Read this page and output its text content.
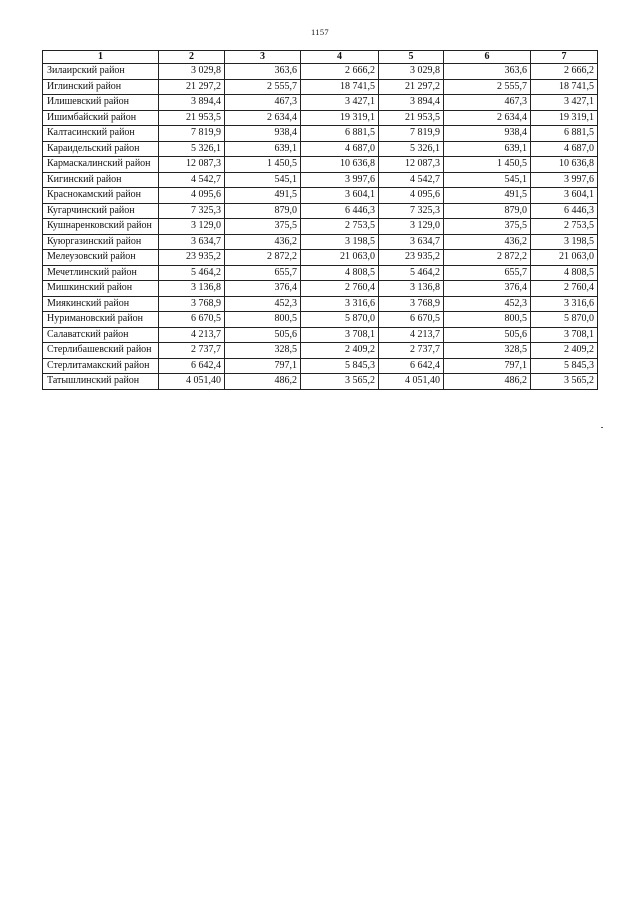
1157
1	2	3	4	5	6	7
Зилаирский район	3 029,8	363,6	2 666,2	3 029,8	363,6	2 666,2
Иглинский район	21 297,2	2 555,7	18 741,5	21 297,2	2 555,7	18 741,5
Илишевский район	3 894,4	467,3	3 427,1	3 894,4	467,3	3 427,1
Ишимбайский район	21 953,5	2 634,4	19 319,1	21 953,5	2 634,4	19 319,1
Калтасинский район	7 819,9	938,4	6 881,5	7 819,9	938,4	6 881,5
Караидельский район	5 326,1	639,1	4 687,0	5 326,1	639,1	4 687,0
Кармаскалинский район	12 087,3	1 450,5	10 636,8	12 087,3	1 450,5	10 636,8
Кигинский район	4 542,7	545,1	3 997,6	4 542,7	545,1	3 997,6
Краснокамский район	4 095,6	491,5	3 604,1	4 095,6	491,5	3 604,1
Кугарчинский район	7 325,3	879,0	6 446,3	7 325,3	879,0	6 446,3
Кушнаренковский район	3 129,0	375,5	2 753,5	3 129,0	375,5	2 753,5
Куюргазинский район	3 634,7	436,2	3 198,5	3 634,7	436,2	3 198,5
Мелеузовский район	23 935,2	2 872,2	21 063,0	23 935,2	2 872,2	21 063,0
Мечетлинский район	5 464,2	655,7	4 808,5	5 464,2	655,7	4 808,5
Мишкинский район	3 136,8	376,4	2 760,4	3 136,8	376,4	2 760,4
Миякинский район	3 768,9	452,3	3 316,6	3 768,9	452,3	3 316,6
Нуримановский район	6 670,5	800,5	5 870,0	6 670,5	800,5	5 870,0
Салаватский район	4 213,7	505,6	3 708,1	4 213,7	505,6	3 708,1
Стерлибашевский район	2 737,7	328,5	2 409,2	2 737,7	328,5	2 409,2
Стерлитамакский район	6 642,4	797,1	5 845,3	6 642,4	797,1	5 845,3
Татышлинский район	4 051,40	486,2	3 565,2	4 051,40	486,2	3 565,2
